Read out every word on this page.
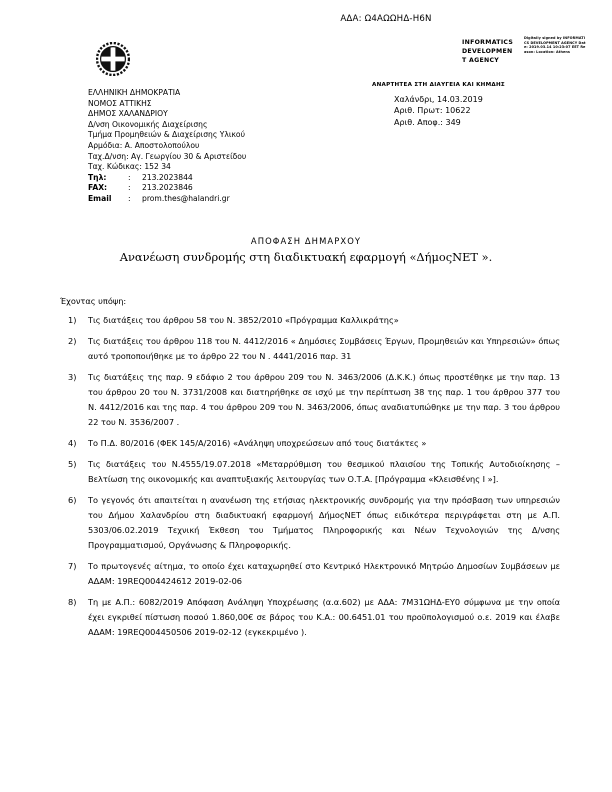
ΑΔΑ: Ω4ΑΩΩΗΔ-Η6Ν
INFORMATICS
DEVELOPMEN
T AGENCY
Digitally signed by INFORMATICS DEVELOPMENT AGENCY Date: 2019.03.14 10:23:07 EET Reason: Location: Athens
ΕΛΛΗΝΙΚΗ ΔΗΜΟΚΡΑΤΙΑ
ΝΟΜΟΣ ΑΤΤΙΚΗΣ
ΔΗΜΟΣ ΧΑΛΑΝΔΡΙΟΥ
Δ/νση Οικονομικής Διαχείρισης
Τμήμα Προμηθειών & Διαχείρισης Υλικού
Αρμόδια: Α. Αποστολοπούλου
Ταχ.Δ/νση: Αγ. Γεωργίου 30 & Αριστείδου
Ταχ. Κώδικας: 152 34
Τηλ:	:	213.2023844
FAX:	:	213.2023846
Εmail	:	prom.thes@halandri.gr
ΑΝΑΡΤΗΤΕΑ ΣΤΗ ΔΙΑΥΓΕΙΑ ΚΑΙ ΚΗΜΔΗΣ
Χαλάνδρι, 14.03.2019
Αριθ. Πρωτ: 10622
Αριθ. Αποφ.: 349
ΑΠΟΦΑΣΗ ΔΗΜΑΡΧΟΥ
Ανανέωση συνδρομής στη διαδικτυακή εφαρμογή «ΔήμοςΝΕΤ ».

Έχοντας υπόψη:

1)	Τις διατάξεις του άρθρου 58 του Ν. 3852/2010 «Πρόγραμμα Καλλικράτης»
2)	Τις διατάξεις του άρθρου 118 του Ν. 4412/2016 « Δημόσιες Συμβάσεις Έργων, Προμηθειών και Υπηρεσιών» όπως αυτό τροποποιήθηκε με το άρθρο 22 του Ν . 4441/2016 παρ. 31
3)	Τις διατάξεις της παρ. 9 εδάφιο 2 του άρθρου 209 του Ν. 3463/2006 (Δ.Κ.Κ.) όπως προστέθηκε με την παρ. 13 του άρθρου 20 του Ν. 3731/2008 και διατηρήθηκε σε ισχύ με την περίπτωση 38 της παρ. 1 του άρθρου 377 του Ν. 4412/2016 και της παρ. 4 του άρθρου 209 του Ν. 3463/2006, όπως αναδιατυπώθηκε με την παρ. 3 του άρθρου 22 του Ν. 3536/2007 .
4)	Το Π.Δ. 80/2016 (ΦΕΚ 145/Α/2016) «Ανάληψη υποχρεώσεων από τους διατάκτες »
5)	Τις διατάξεις του Ν.4555/19.07.2018 «Μεταρρύθμιση του θεσμικού πλαισίου της Τοπικής Αυτοδιοίκησης – Βελτίωση της οικονομικής και αναπτυξιακής λειτουργίας των Ο.Τ.Α. [Πρόγραμμα «Κλεισθένης Ι »].
6)	Το γεγονός ότι απαιτείται η ανανέωση της ετήσιας ηλεκτρονικής συνδρομής για την πρόσβαση των υπηρεσιών του Δήμου Χαλανδρίου στη διαδικτυακή εφαρμογή ΔήμοςΝΕΤ όπως ειδικότερα περιγράφεται στη με Α.Π. 5303/06.02.2019 Τεχνική Έκθεση του Τμήματος Πληροφορικής και Νέων Τεχνολογιών της Δ/νσης Προγραμματισμού, Οργάνωσης & Πληροφορικής.
7)	Το πρωτογενές αίτημα, το οποίο έχει καταχωρηθεί στο Κεντρικό Ηλεκτρονικό Μητρώο Δημοσίων Συμβάσεων με ΑΔΑΜ: 19REQ004424612 2019-02-06
8)	Τη με Α.Π.: 6082/2019 Απόφαση Ανάληψη Υποχρέωσης (α.α.602) με ΑΔΑ: 7Μ31ΩΗΔ-ΕΥ0 σύμφωνα με την οποία έχει εγκριθεί πίστωση ποσού 1.860,00€ σε βάρος του Κ.Α.: 00.6451.01 του προϋπολογισμού ο.ε. 2019 και έλαβε ΑΔΑΜ: 19REQ004450506 2019-02-12 (εγκεκριμένο ).
